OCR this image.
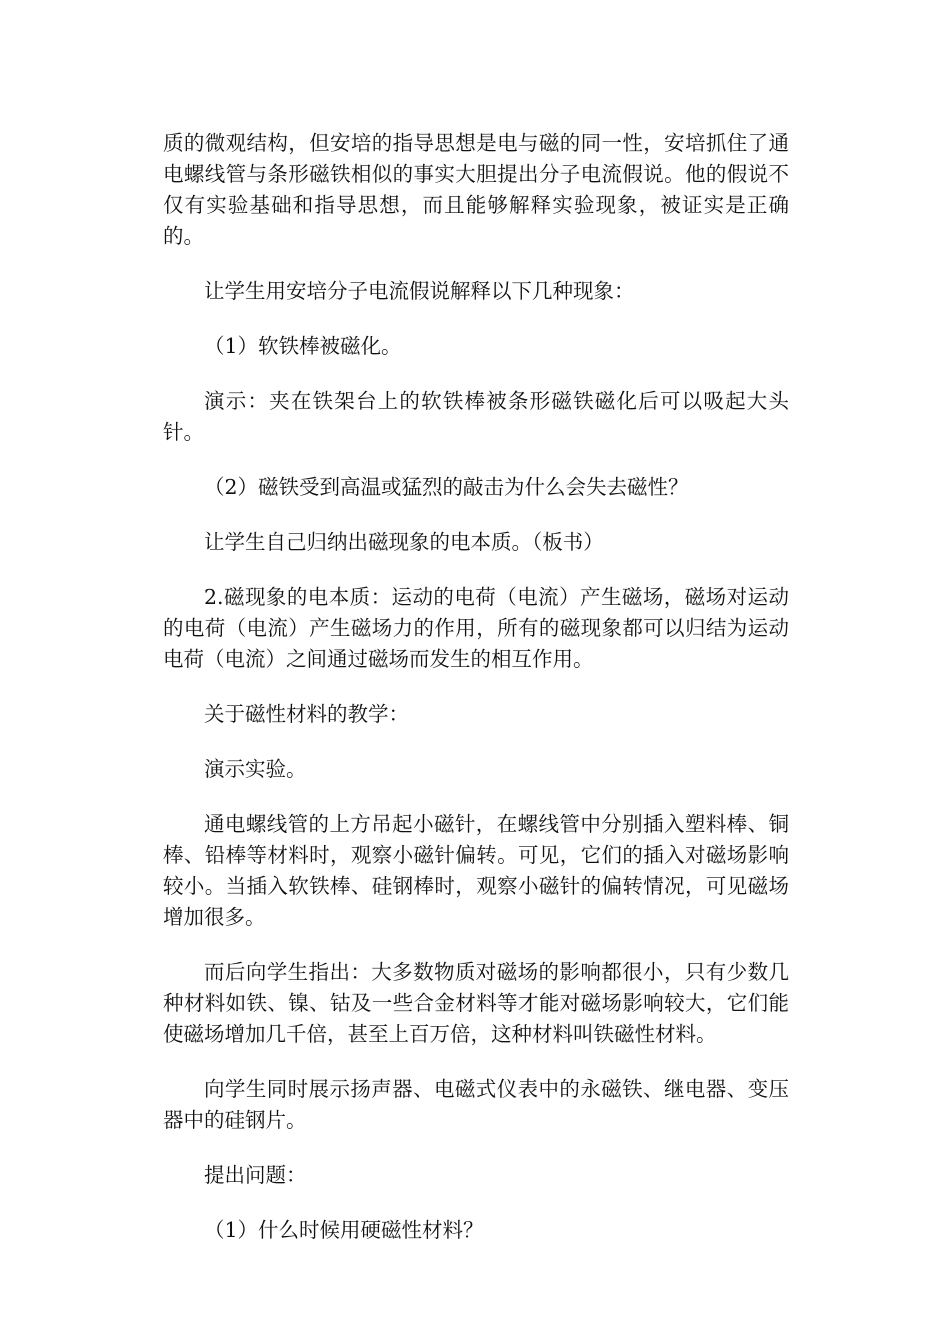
质的微观结构，但安培的指导思想是电与磁的同一性，安培抓住了通电螺线管与条形磁铁相似的事实大胆提出分子电流假说。他的假说不仅有实验基础和指导思想，而且能够解释实验现象，被证实是正确的。

让学生用安培分子电流假说解释以下几种现象：

（1）软铁棒被磁化。

演示：夹在铁架台上的软铁棒被条形磁铁磁化后可以吸起大头针。

（2）磁铁受到高温或猛烈的敲击为什么会失去磁性？

让学生自己归纳出磁现象的电本质。（板书）

2.磁现象的电本质：运动的电荷（电流）产生磁场，磁场对运动的电荷（电流）产生磁场力的作用，所有的磁现象都可以归结为运动电荷（电流）之间通过磁场而发生的相互作用。

关于磁性材料的教学：

演示实验。

通电螺线管的上方吊起小磁针，在螺线管中分别插入塑料棒、铜棒、铅棒等材料时，观察小磁针偏转。可见，它们的插入对磁场影响较小。当插入软铁棒、硅钢棒时，观察小磁针的偏转情况，可见磁场增加很多。

而后向学生指出：大多数物质对磁场的影响都很小，只有少数几种材料如铁、镍、钴及一些合金材料等才能对磁场影响较大，它们能使磁场增加几千倍，甚至上百万倍，这种材料叫铁磁性材料。

向学生同时展示扬声器、电磁式仪表中的永磁铁、继电器、变压器中的硅钢片。

提出问题：

（1）什么时候用硬磁性材料？
